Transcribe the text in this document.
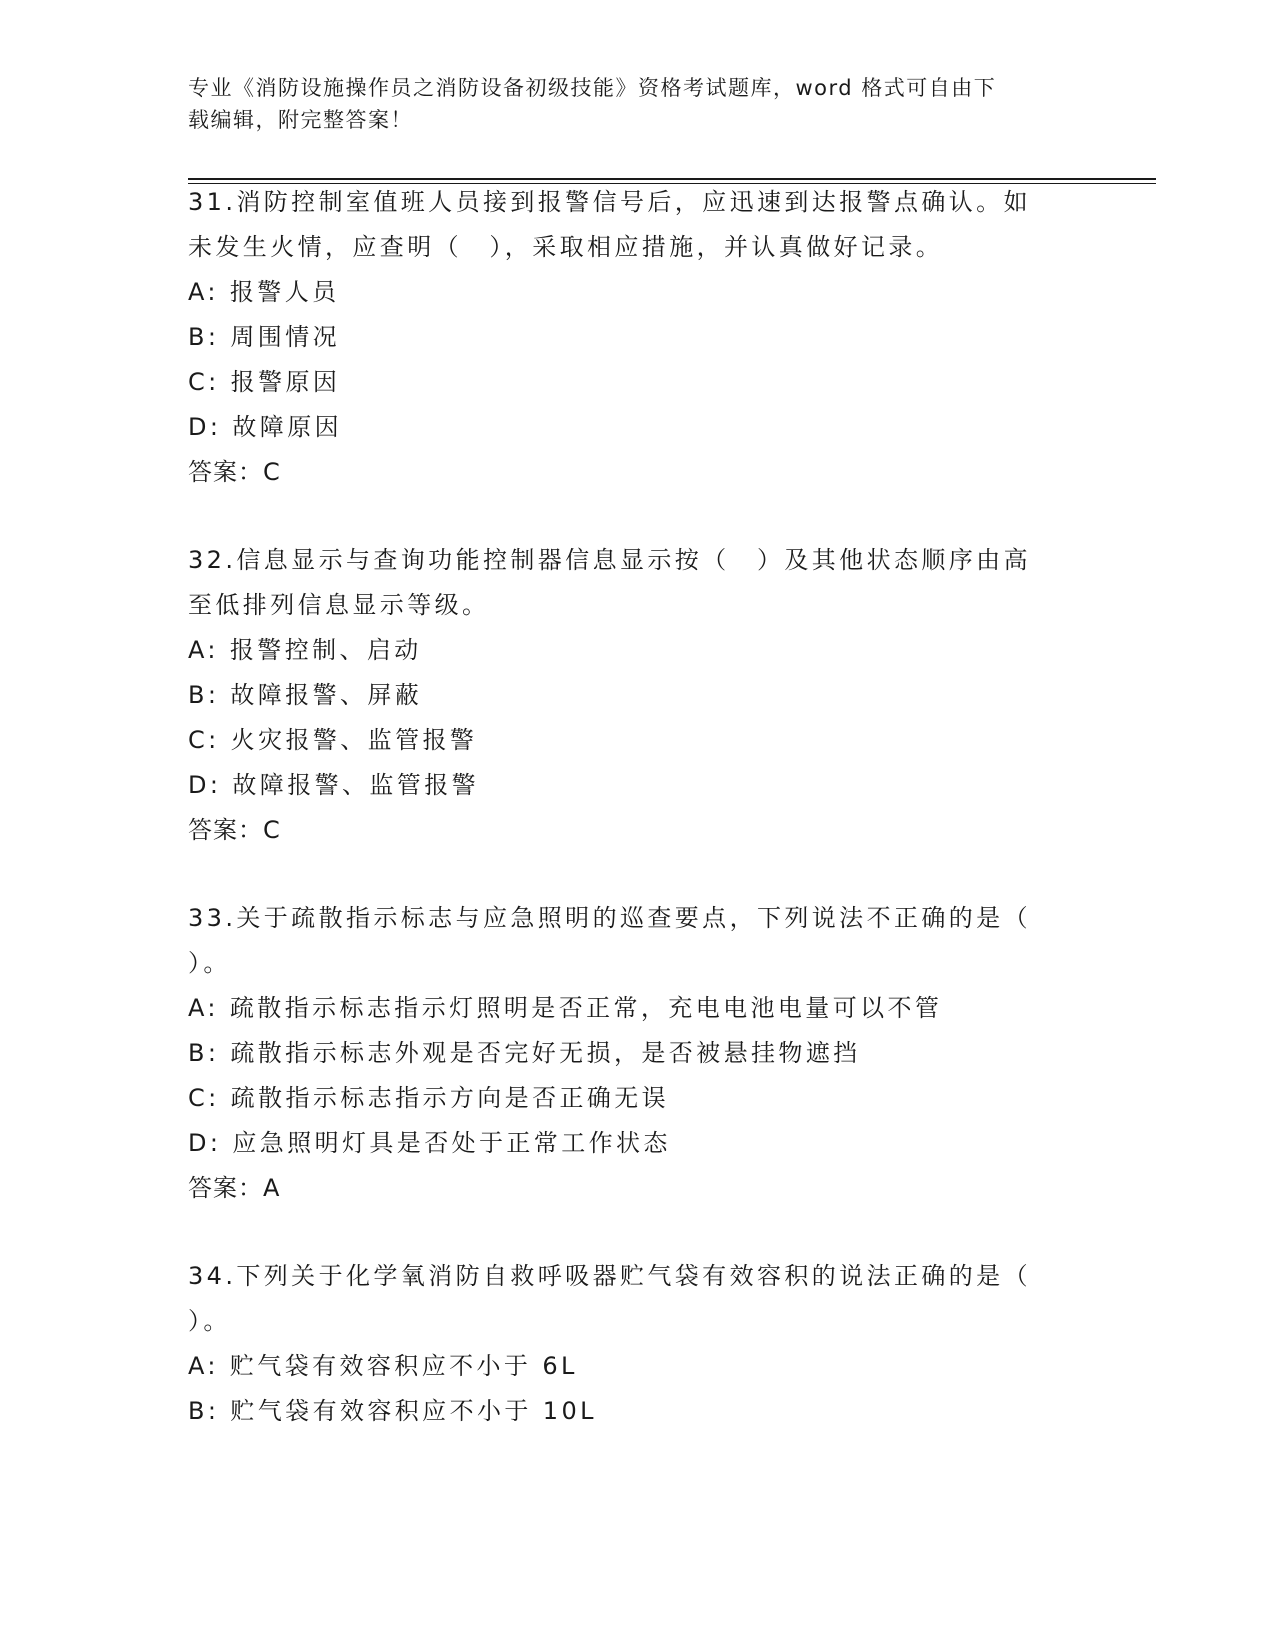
专业《消防设施操作员之消防设备初级技能》资格考试题库，word 格式可自由下
载编辑，附完整答案！
31.消防控制室值班人员接到报警信号后，应迅速到达报警点确认。如
未发生火情，应查明（　），采取相应措施，并认真做好记录。
A: 报警人员
B: 周围情况
C: 报警原因
D: 故障原因
答案：C
32.信息显示与查询功能控制器信息显示按（　）及其他状态顺序由高
至低排列信息显示等级。
A: 报警控制、启动
B: 故障报警、屏蔽
C: 火灾报警、监管报警
D: 故障报警、监管报警
答案：C
33.关于疏散指示标志与应急照明的巡查要点，下列说法不正确的是（
）。
A: 疏散指示标志指示灯照明是否正常，充电电池电量可以不管
B: 疏散指示标志外观是否完好无损，是否被悬挂物遮挡
C: 疏散指示标志指示方向是否正确无误
D: 应急照明灯具是否处于正常工作状态
答案：A
34.下列关于化学氧消防自救呼吸器贮气袋有效容积的说法正确的是（
）。
A: 贮气袋有效容积应不小于 6L
B: 贮气袋有效容积应不小于 10L
